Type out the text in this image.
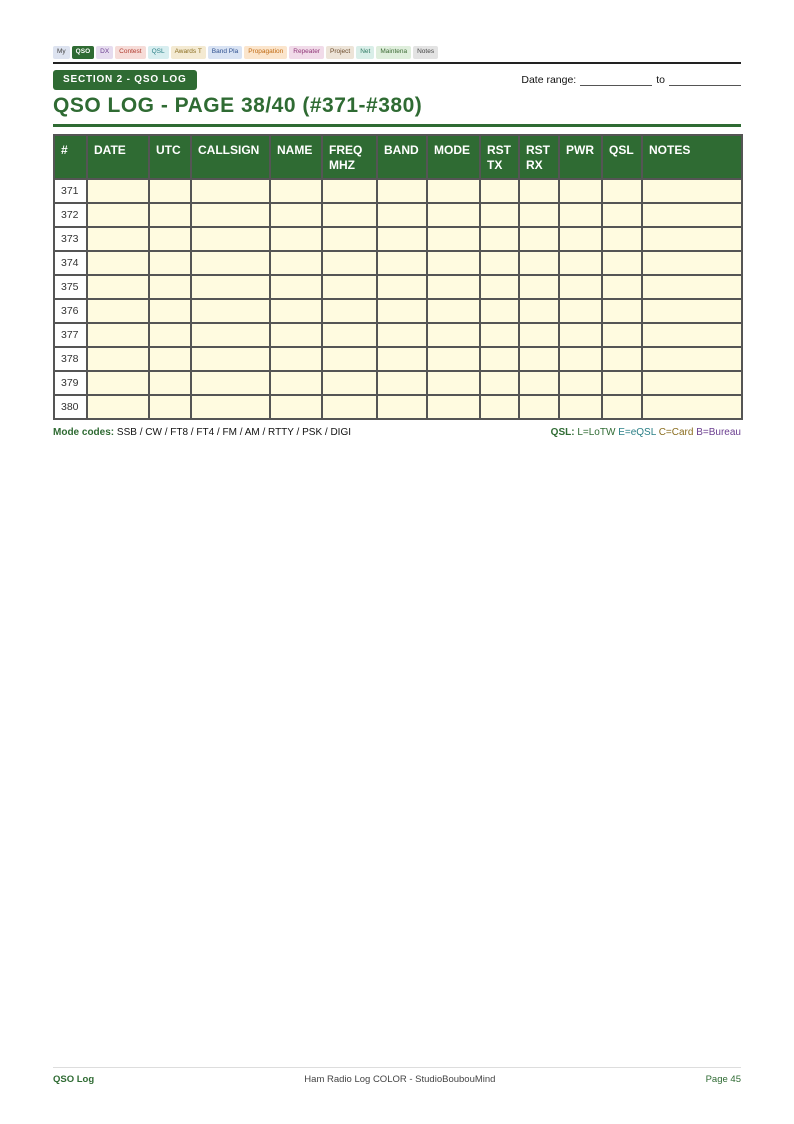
My	QSO	DX	Contest	QSL	Awards T	Band Pla	Propagation	Repeater	Project	Net	Maintena	Notes
SECTION 2 - QSO LOG	Date range:	to
QSO LOG - PAGE 38/40 (#371-#380)
#	DATE	UTC	CALLSIGN	NAME	FREQ MHZ	BAND	MODE	RST TX	RST RX	PWR	QSL	NOTES
371												
372												
373												
374												
375												
376												
377												
378												
379												
380												
Mode codes: SSB / CW / FT8 / FT4 / FM / AM / RTTY / PSK / DIGI	QSL: L=LoTW E=eQSL C=Card B=Bureau
QSO Log	Ham Radio Log COLOR - StudioBoubouMind	Page 45
